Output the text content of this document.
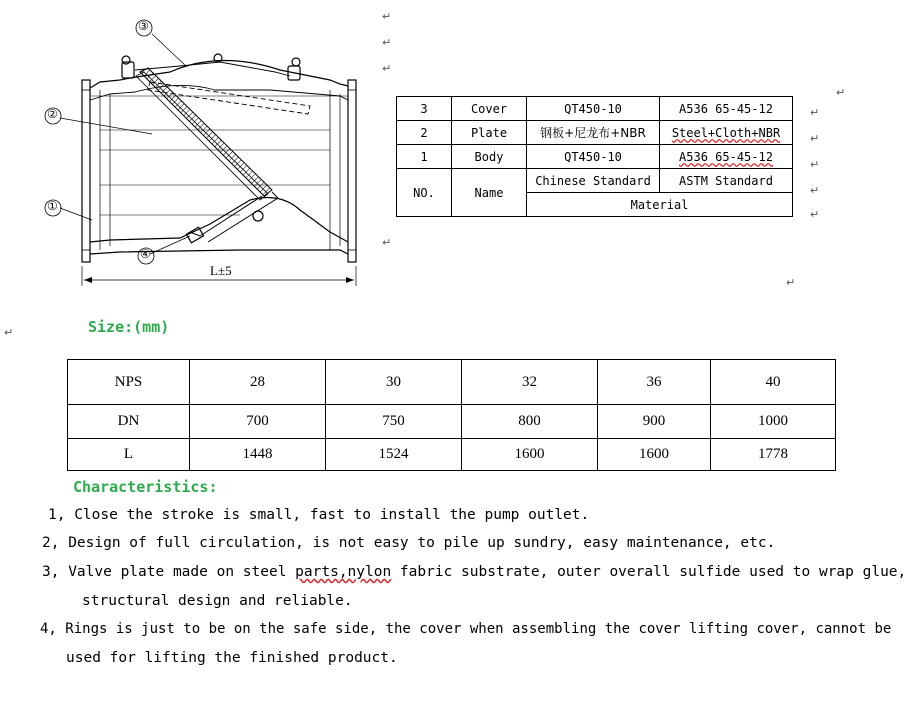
③
②
①
④
L±5
↵
↵
↵
↵
↵
↵
↵
3	Cover	QT450-10	A536 65-45-12
2	Plate	钢板+尼龙布+NBR	Steel+Cloth+NBR
1	Body	QT450-10	A536 65-45-12
NO.	Name	Chinese Standard	ASTM Standard
		Material	
↵
↵
↵
↵
↵
Size:(mm)
NPS	28	30	32	36	40
DN	700	750	800	900	1000
L	1448	1524	1600	1600	1778
Characteristics:
1, Close the stroke is small, fast to install the pump outlet.
2, Design of full circulation, is not easy to pile up sundry, easy maintenance, etc.
3, Valve plate made on steel parts,nylon fabric substrate, outer overall sulfide used to wrap glue,
structural design and reliable.
4, Rings is just to be on the safe side, the cover when assembling the cover lifting cover, cannot be
used for lifting the finished product.
